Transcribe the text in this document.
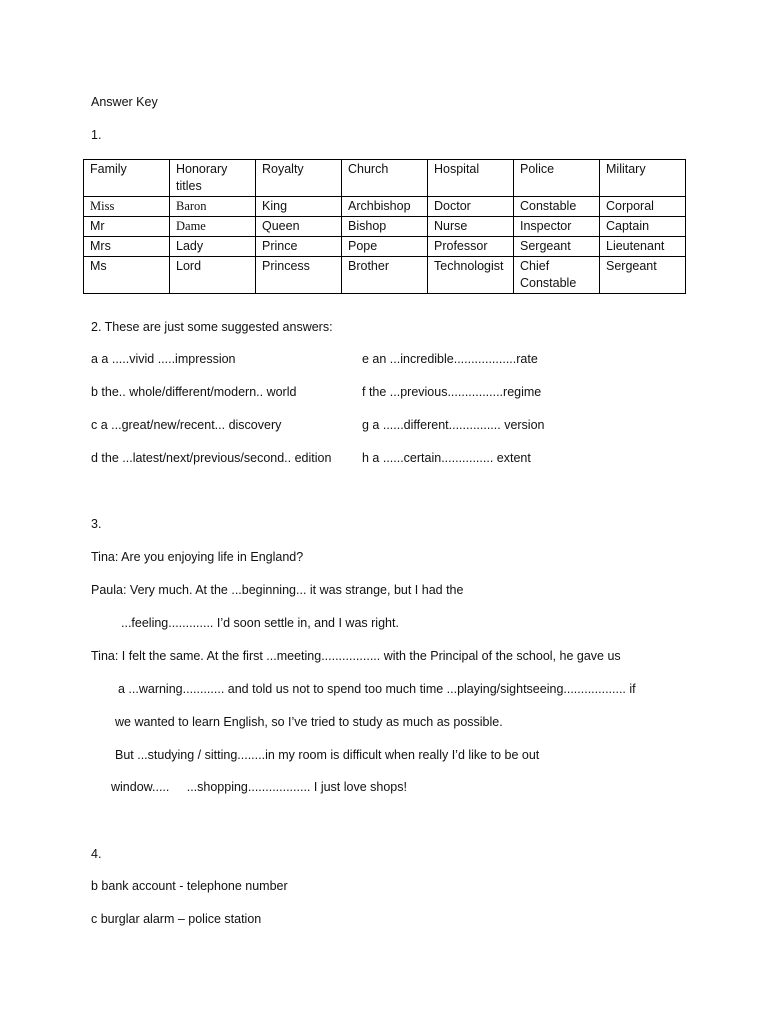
Answer Key
1.
Family	Honorary titles	Royalty	Church	Hospital	Police	Military
Miss	Baron	King	Archbishop	Doctor	Constable	Corporal
Mr	Dame	Queen	Bishop	Nurse	Inspector	Captain
Mrs	Lady	Prince	Pope	Professor	Sergeant	Lieutenant
Ms	Lord	Princess	Brother	Technologist	Chief Constable	Sergeant
2. These are just some suggested answers:
a a .....vivid .....impression
b the.. whole/different/modern.. world
c a ...great/new/recent... discovery
d the ...latest/next/previous/second.. edition
e an ...incredible..................rate
f the ...previous................regime
g a ......different............... version
h a ......certain............... extent
3.
Tina: Are you enjoying life in England?
Paula: Very much. At the ...beginning... it was strange, but I had the
...feeling............. I’d soon settle in, and I was right.
Tina: I felt the same. At the first ...meeting................. with the Principal of the school, he gave us
a ...warning............ and told us not to spend too much time ...playing/sightseeing.................. if
we wanted to learn English, so I’ve tried to study as much as possible.
But ...studying / sitting........in my room is difficult when really I’d like to be out
window.....     ...shopping.................. I just love shops!
4.
b bank account - telephone number
c burglar alarm – police station
